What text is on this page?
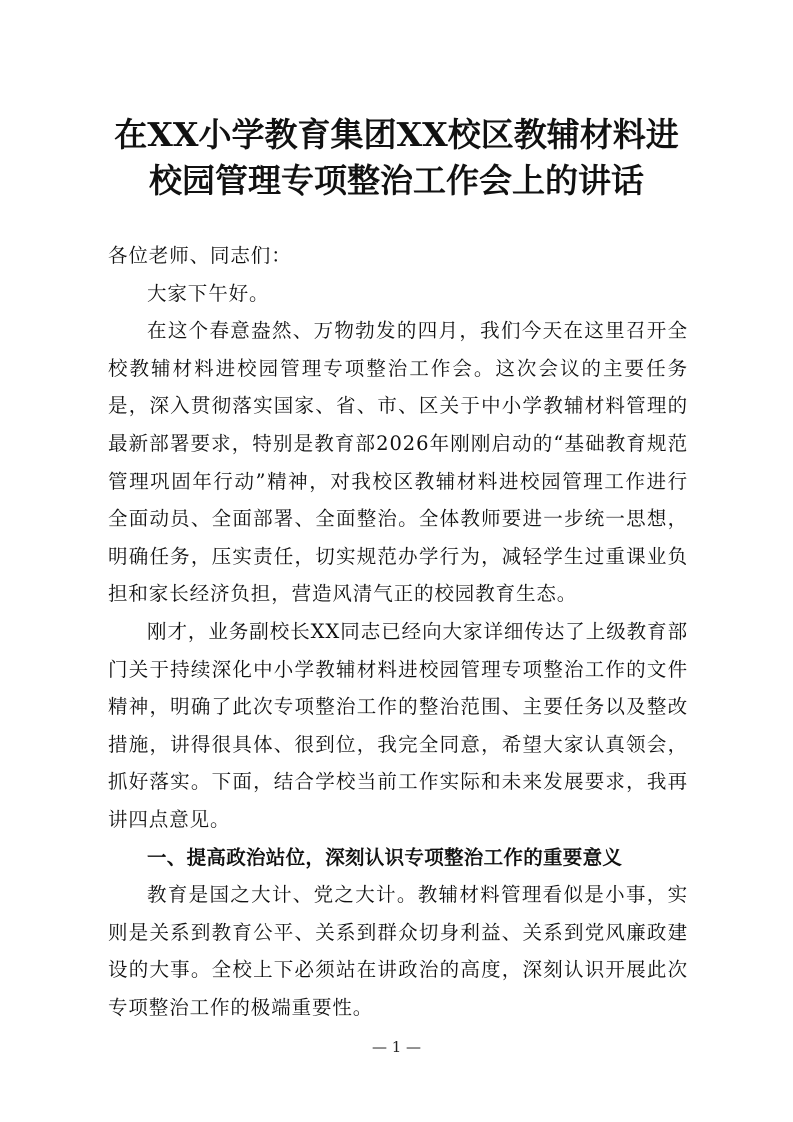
在XX小学教育集团XX校区教辅材料进
校园管理专项整治工作会上的讲话

各位老师、同志们：

大家下午好。

在这个春意盎然、万物勃发的四月，我们今天在这里召开全校教辅材料进校园管理专项整治工作会。这次会议的主要任务是，深入贯彻落实国家、省、市、区关于中小学教辅材料管理的最新部署要求，特别是教育部2026年刚刚启动的“基础教育规范管理巩固年行动”精神，对我校区教辅材料进校园管理工作进行全面动员、全面部署、全面整治。全体教师要进一步统一思想，明确任务，压实责任，切实规范办学行为，减轻学生过重课业负担和家长经济负担，营造风清气正的校园教育生态。

刚才，业务副校长XX同志已经向大家详细传达了上级教育部门关于持续深化中小学教辅材料进校园管理专项整治工作的文件精神，明确了此次专项整治工作的整治范围、主要任务以及整改措施，讲得很具体、很到位，我完全同意，希望大家认真领会，抓好落实。下面，结合学校当前工作实际和未来发展要求，我再讲四点意见。

一、提高政治站位，深刻认识专项整治工作的重要意义

教育是国之大计、党之大计。教辅材料管理看似是小事，实则是关系到教育公平、关系到群众切身利益、关系到党风廉政建设的大事。全校上下必须站在讲政治的高度，深刻认识开展此次专项整治工作的极端重要性。

— 1 —
